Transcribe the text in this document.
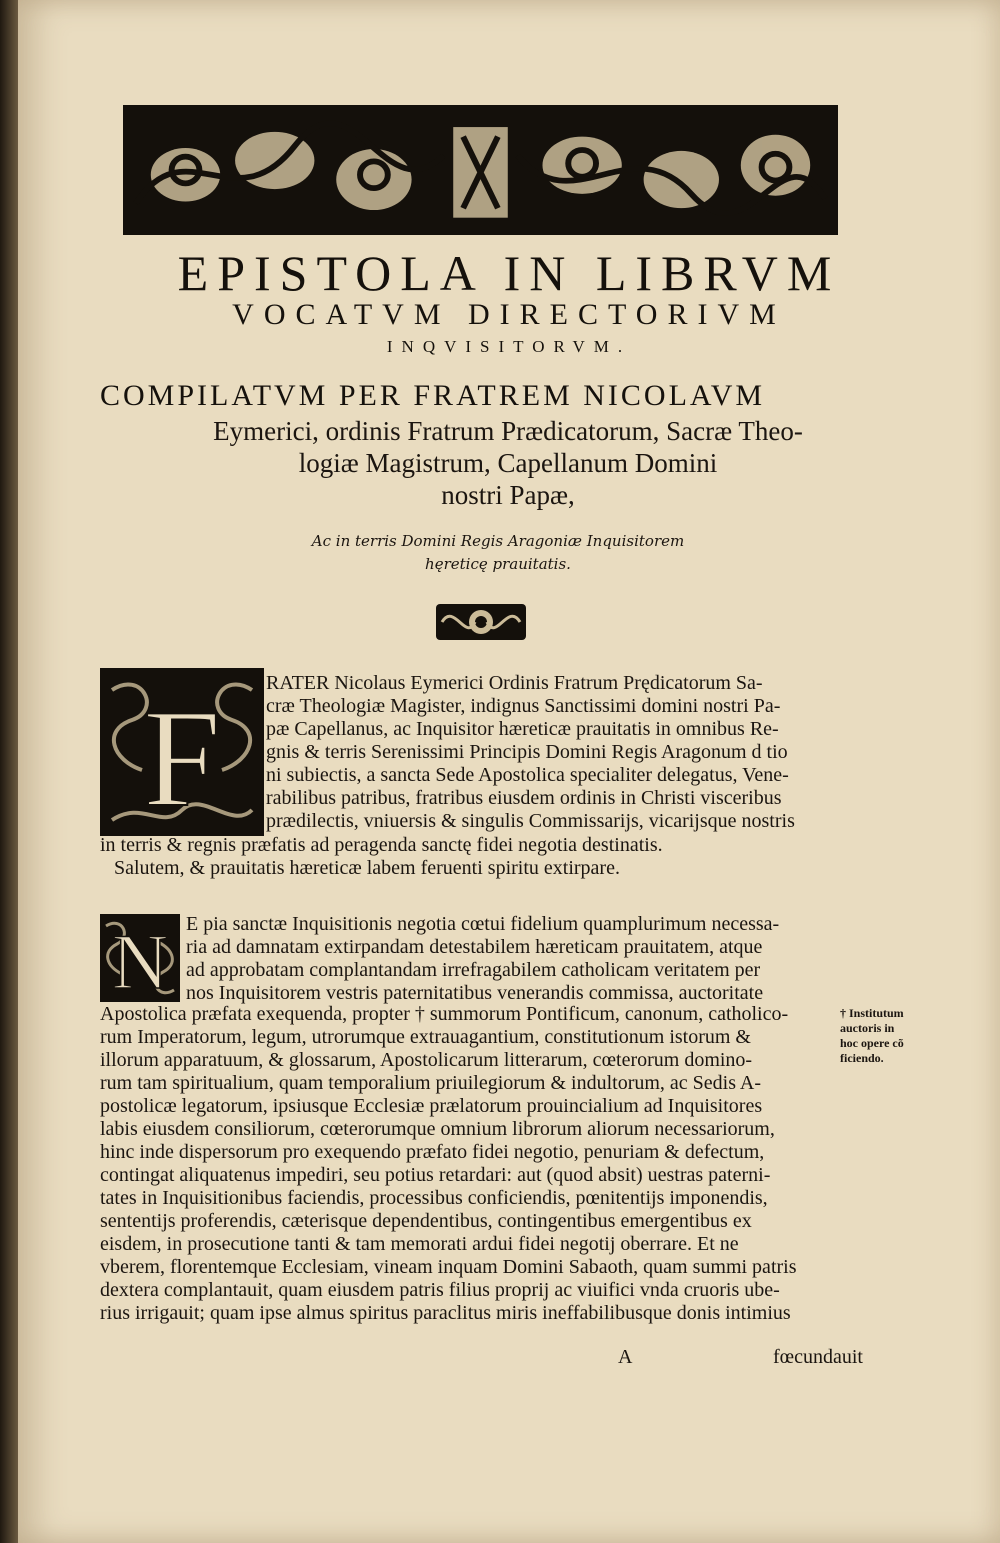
EPISTOLA IN LIBRVM
VOCATVM DIRECTORIVM
INQVISITORVM.
COMPILATVM PER FRATREM NICOLAVM
Eymerici, ordinis Fratrum Prædicatorum, Sacræ Theo-
logiæ Magistrum, Capellanum Domini
nostri Papæ,
Ac in terris Domini Regis Aragoniæ Inquisitorem
hęreticę prauitatis.
F RATER Nicolaus Eymerici Ordinis Fratrum Prędicatorum Sa-
cræ Theologiæ Magister, indignus Sanctissimi domini nostri Pa-
pæ Capellanus, ac Inquisitor hæreticæ prauitatis in omnibus Re-
gnis & terris Serenissimi Principis Domini Regis Aragonum d tio
ni subiectis, a sancta Sede Apostolica specialiter delegatus, Vene-
rabilibus patribus, fratribus eiusdem ordinis in Christi visceribus
prædilectis, vniuersis & singulis Commissarijs, vicarijsque nostris
in terris & regnis præfatis ad peragenda sanctę fidei negotia destinatis.
Salutem, & prauitatis hæreticæ labem feruenti spiritu extirpare.
N E pia sanctæ Inquisitionis negotia cœtui fidelium quamplurimum necessa-
ria ad damnatam extirpandam detestabilem hæreticam prauitatem, atque
ad approbatam complantandam irrefragabilem catholicam veritatem per
nos Inquisitorem vestris paternitatibus venerandis commissa, auctoritate
Apostolica præfata exequenda, propter † summorum Pontificum, canonum, catholico-
rum Imperatorum, legum, utrorumque extrauagantium, constitutionum istorum &
illorum apparatuum, & glossarum, Apostolicarum litterarum, cœterorum domino-
rum tam spiritualium, quam temporalium priuilegiorum & indultorum, ac Sedis A-
postolicæ legatorum, ipsiusque Ecclesiæ prælatorum prouincialium ad Inquisitores
labis eiusdem consiliorum, cœterorumque omnium librorum aliorum necessariorum,
hinc inde dispersorum pro exequendo præfato fidei negotio, penuriam & defectum,
contingat aliquatenus impediri, seu potius retardari: aut (quod absit) uestras paterni-
tates in Inquisitionibus faciendis, processibus conficiendis, pœnitentijs imponendis,
sententijs proferendis, cæterisque dependentibus, contingentibus emergentibus ex
eisdem, in prosecutione tanti & tam memorati ardui fidei negotij oberrare. Et ne
vberem, florentemque Ecclesiam, vineam inquam Domini Sabaoth, quam summi patris
dextera complantauit, quam eiusdem patris filius proprij ac viuifici vnda cruoris ube-
rius irrigauit; quam ipse almus spiritus paraclitus miris ineffabilibusque donis intimius
† Institutum
auctoris in
hoc opere cõ
ficiendo.
A	fœcundauit
